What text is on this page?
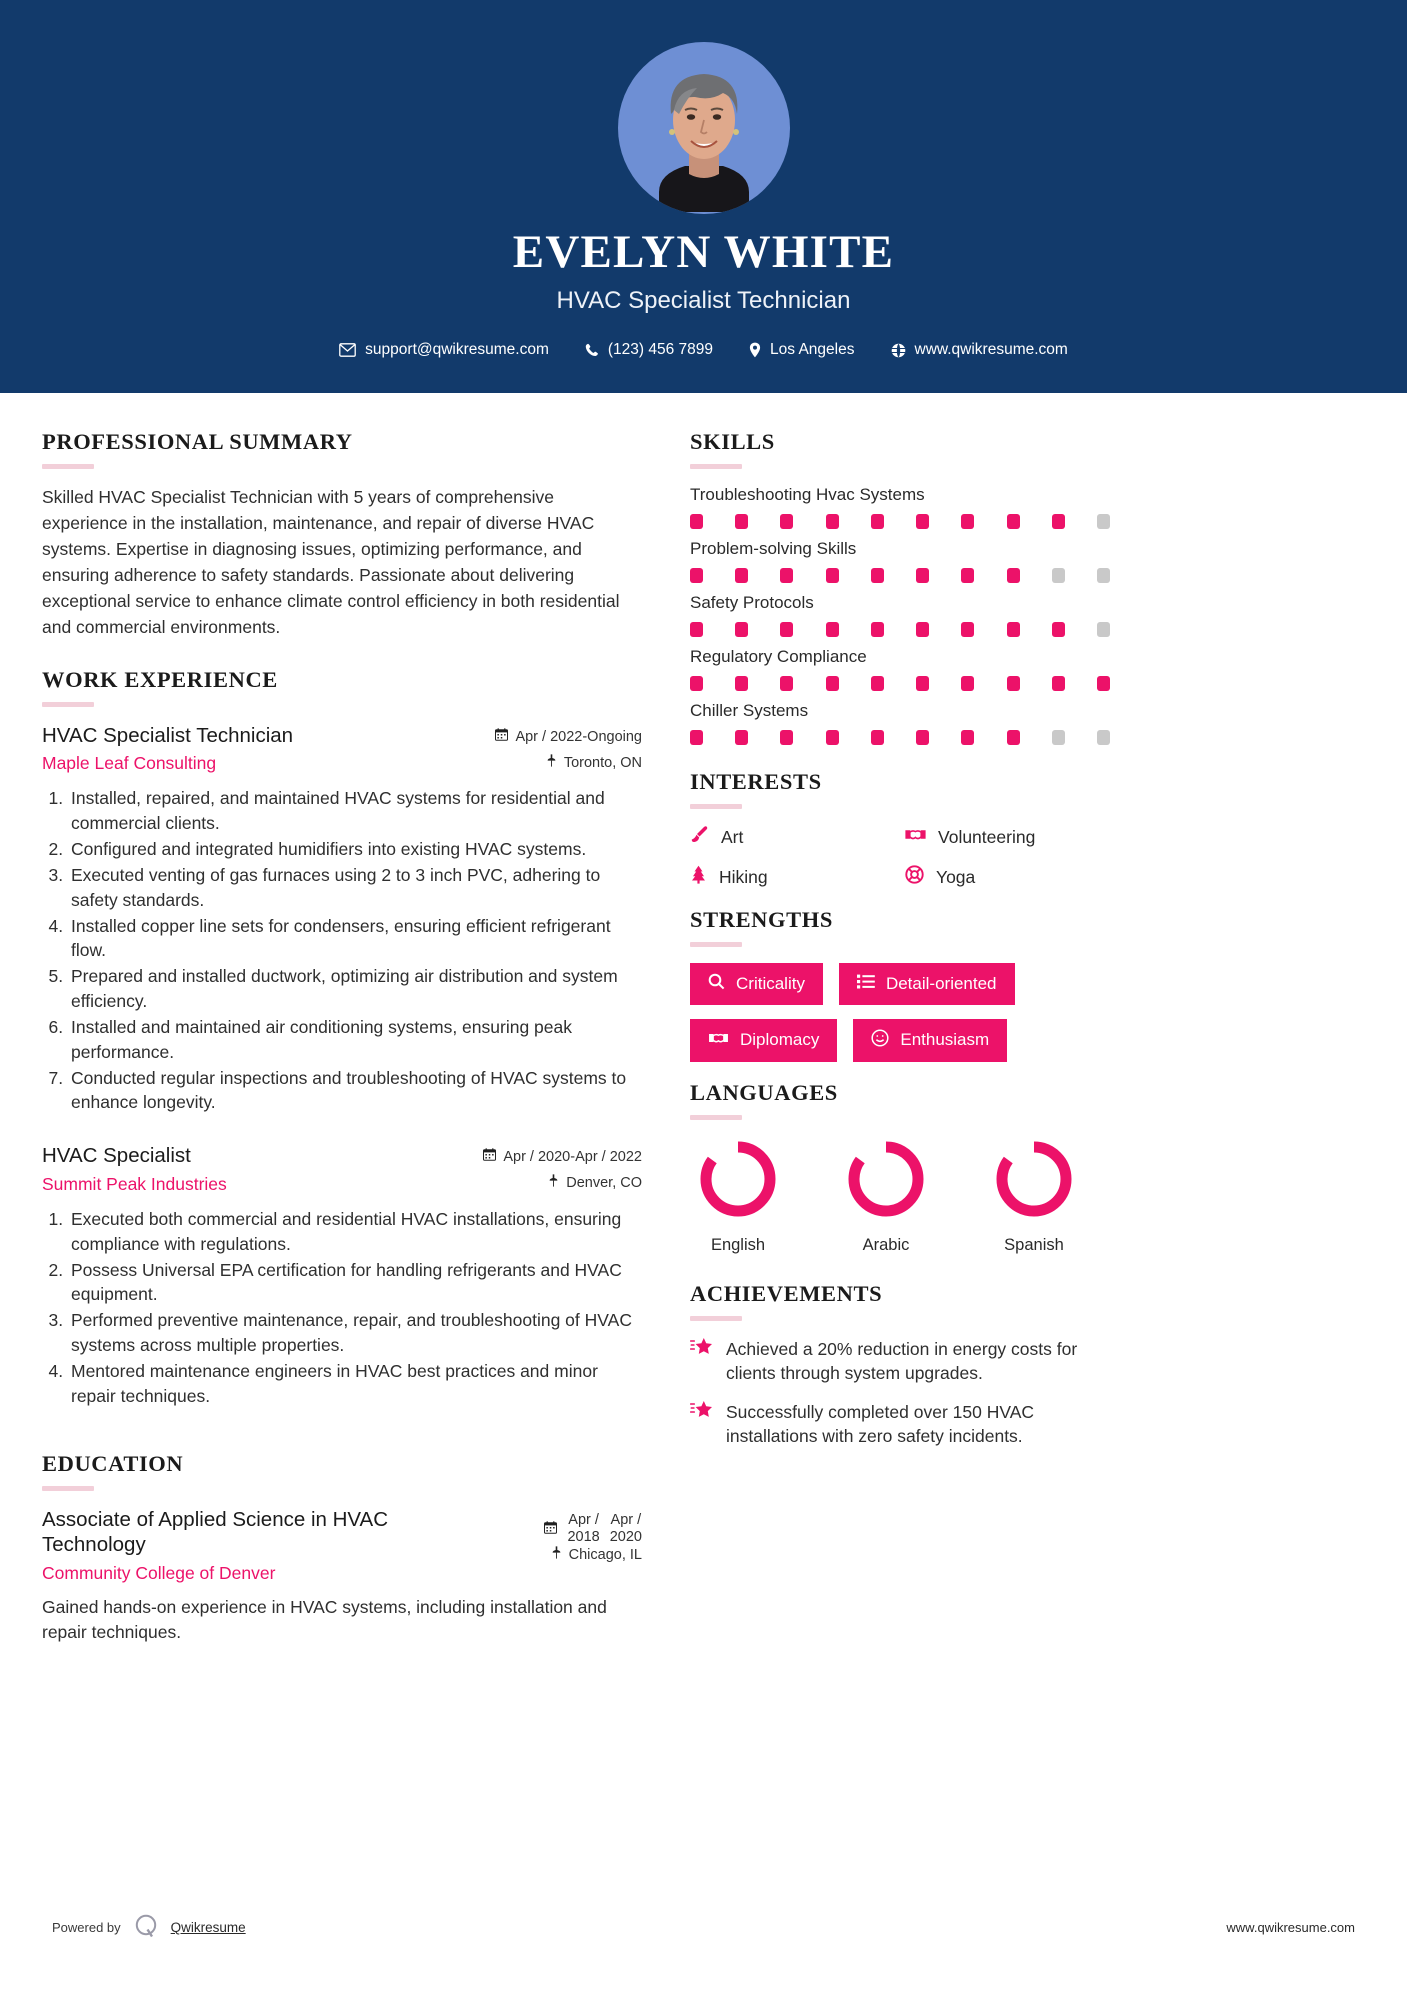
EVELYN WHITE
HVAC Specialist Technician
support@qwikresume.com	(123) 456 7899	Los Angeles	www.qwikresume.com
PROFESSIONAL SUMMARY
Skilled HVAC Specialist Technician with 5 years of comprehensive experience in the installation, maintenance, and repair of diverse HVAC systems. Expertise in diagnosing issues, optimizing performance, and ensuring adherence to safety standards. Passionate about delivering exceptional service to enhance climate control efficiency in both residential and commercial environments.
WORK EXPERIENCE
HVAC Specialist Technician
Maple Leaf Consulting
Apr / 2022-Ongoing
Toronto, ON
1. Installed, repaired, and maintained HVAC systems for residential and commercial clients.
2. Configured and integrated humidifiers into existing HVAC systems.
3. Executed venting of gas furnaces using 2 to 3 inch PVC, adhering to safety standards.
4. Installed copper line sets for condensers, ensuring efficient refrigerant flow.
5. Prepared and installed ductwork, optimizing air distribution and system efficiency.
6. Installed and maintained air conditioning systems, ensuring peak performance.
7. Conducted regular inspections and troubleshooting of HVAC systems to enhance longevity.
HVAC Specialist
Summit Peak Industries
Apr / 2020-Apr / 2022
Denver, CO
1. Executed both commercial and residential HVAC installations, ensuring compliance with regulations.
2. Possess Universal EPA certification for handling refrigerants and HVAC equipment.
3. Performed preventive maintenance, repair, and troubleshooting of HVAC systems across multiple properties.
4. Mentored maintenance engineers in HVAC best practices and minor repair techniques.
EDUCATION
Associate of Applied Science in HVAC Technology
Community College of Denver
Apr /
2018
Apr /
2020
Chicago, IL
Gained hands-on experience in HVAC systems, including installation and repair techniques.
SKILLS
Troubleshooting Hvac Systems
Problem-solving Skills
Safety Protocols
Regulatory Compliance
Chiller Systems
INTERESTS
Art	Volunteering
Hiking	Yoga
STRENGTHS
Criticality	Detail-oriented
Diplomacy	Enthusiasm
LANGUAGES
English	Arabic	Spanish
ACHIEVEMENTS
Achieved a 20% reduction in energy costs for clients through system upgrades.
Successfully completed over 150 HVAC installations with zero safety incidents.
Powered by	Qwikresume	www.qwikresume.com
